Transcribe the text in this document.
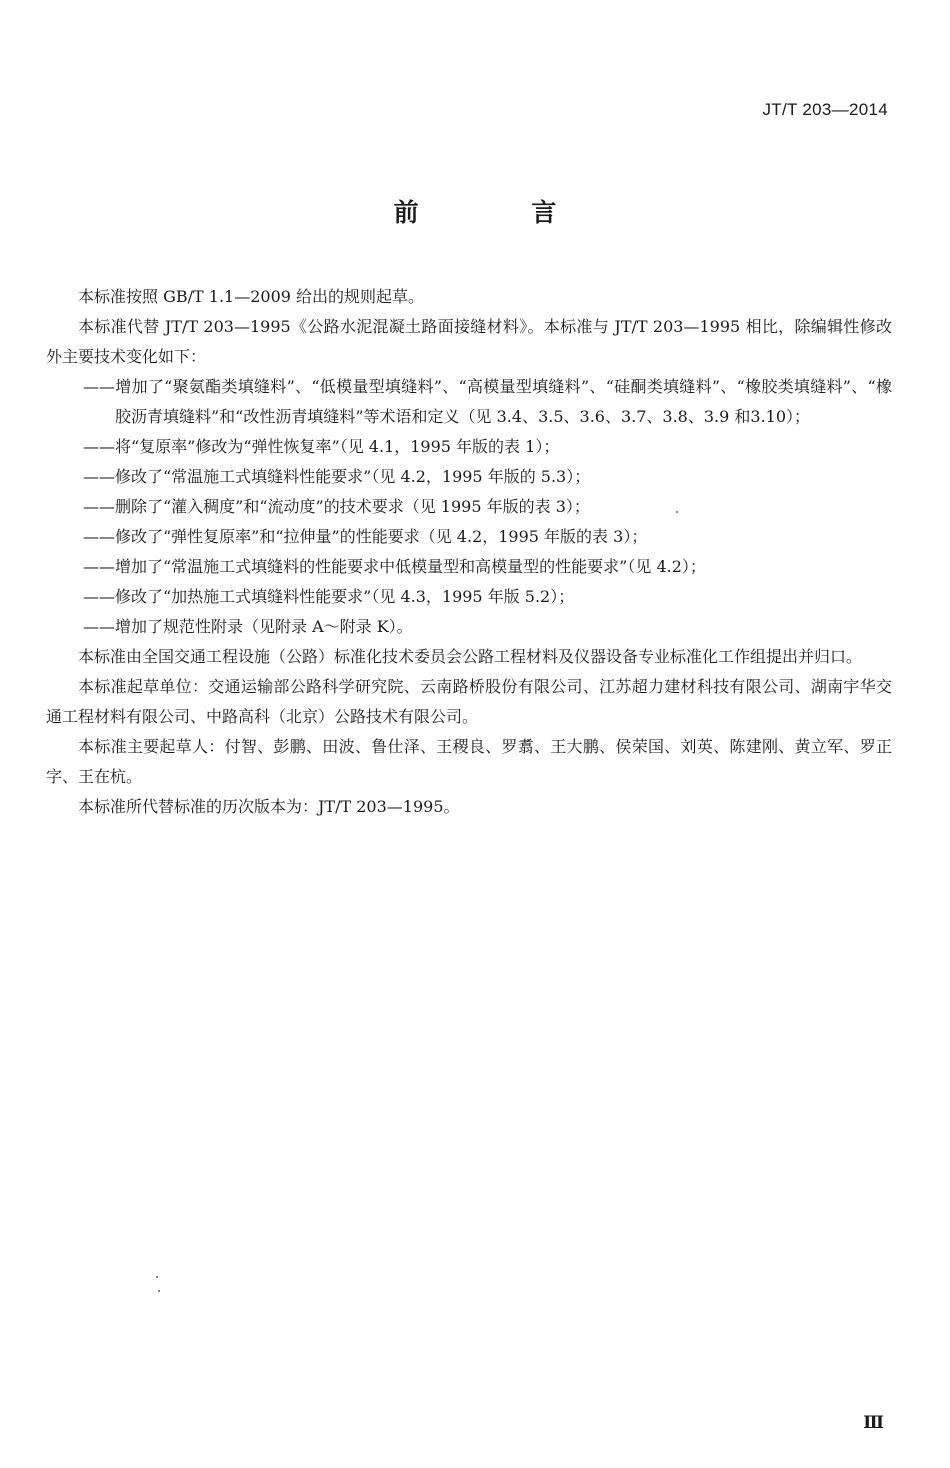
JT/T 203—2014
前 言

本标准按照 GB/T 1.1—2009 给出的规则起草。

本标准代替 JT/T 203—1995《公路水泥混凝土路面接缝材料》。本标准与 JT/T 203—1995 相比，除编辑性修改外主要技术变化如下：

——增加了“聚氨酯类填缝料”、“低模量型填缝料”、“高模量型填缝料”、“硅酮类填缝料”、“橡胶类填缝料”、“橡胶沥青填缝料”和“改性沥青填缝料”等术语和定义（见 3.4、3.5、3.6、3.7、3.8、3.9 和3.10）；

——将“复原率”修改为“弹性恢复率”（见 4.1，1995 年版的表 1）；

——修改了“常温施工式填缝料性能要求”（见 4.2，1995 年版的 5.3）；

——删除了“灌入稠度”和“流动度”的技术要求（见 1995 年版的表 3）；

——修改了“弹性复原率”和“拉伸量”的性能要求（见 4.2，1995 年版的表 3）；

——增加了“常温施工式填缝料的性能要求中低模量型和高模量型的性能要求”（见 4.2）；

——修改了“加热施工式填缝料性能要求”（见 4.3，1995 年版 5.2）；

——增加了规范性附录（见附录 A～附录 K）。

本标准由全国交通工程设施（公路）标准化技术委员会公路工程材料及仪器设备专业标准化工作组提出并归口。

本标准起草单位：交通运输部公路科学研究院、云南路桥股份有限公司、江苏超力建材科技有限公司、湖南宇华交通工程材料有限公司、中路高科（北京）公路技术有限公司。

本标准主要起草人：付智、彭鹏、田波、鲁仕泽、王稷良、罗翥、王大鹏、侯荣国、刘英、陈建刚、黄立军、罗正字、王在杭。

本标准所代替标准的历次版本为：JT/T 203—1995。

Ⅲ
